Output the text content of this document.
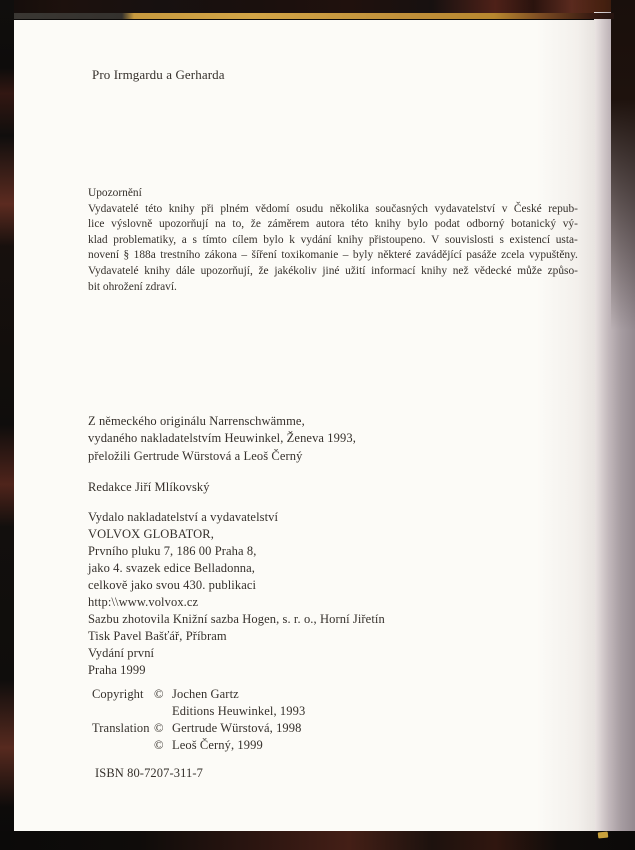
Pro Irmgardu a Gerharda
Upozornění
Vydavatelé této knihy při plném vědomí osudu několika současných vydavatelství v České repub-
lice výslovně upozorňují na to, že záměrem autora této knihy bylo podat odborný botanický vý-
klad problematiky, a s tímto cílem bylo k vydání knihy přistoupeno. V souvislosti s existencí usta-
novení § 188a trestního zákona – šíření toxikomanie – byly některé zavádějící pasáže zcela vypuštěny.
Vydavatelé knihy dále upozorňují, že jakékoliv jiné užití informací knihy než vědecké může způso-
bit ohrožení zdraví.
Z německého originálu Narrenschwämme,
vydaného nakladatelstvím Heuwinkel, Ženeva 1993,
přeložili Gertrude Würstová a Leoš Černý
Redakce Jiří Mlíkovský
Vydalo nakladatelství a vydavatelství
VOLVOX GLOBATOR,
Prvního pluku 7, 186 00 Praha 8,
jako 4. svazek edice Belladonna,
celkově jako svou 430. publikaci
http:\\www.volvox.cz
Sazbu zhotovila Knižní sazba Hogen, s. r. o., Horní Jiřetín
Tisk Pavel Bašťář, Příbram
Vydání první
Praha 1999
Copyright © Jochen Gartz
Editions Heuwinkel, 1993
Translation © Gertrude Würstová, 1998
© Leoš Černý, 1999
ISBN 80-7207-311-7
